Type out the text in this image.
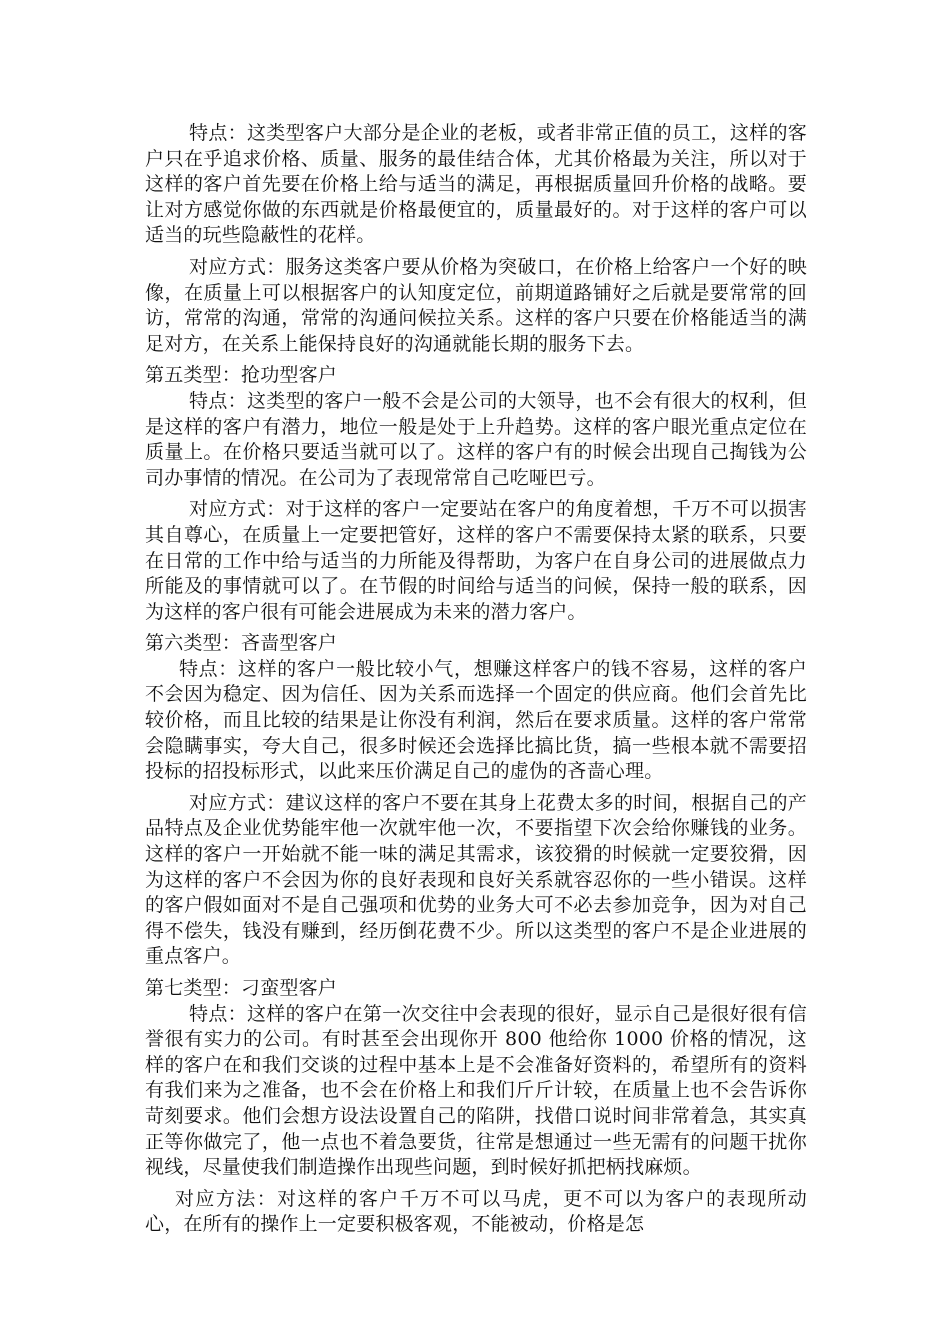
特点：这类型客户大部分是企业的老板，或者非常正值的员工，这样的客户只在乎追求价格、质量、服务的最佳结合体，尤其价格最为关注，所以对于这样的客户首先要在价格上给与适当的满足，再根据质量回升价格的战略。要让对方感觉你做的东西就是价格最便宜的，质量最好的。对于这样的客户可以适当的玩些隐蔽性的花样。

对应方式：服务这类客户要从价格为突破口，在价格上给客户一个好的映像，在质量上可以根据客户的认知度定位，前期道路铺好之后就是要常常的回访，常常的沟通，常常的沟通问候拉关系。这样的客户只要在价格能适当的满足对方，在关系上能保持良好的沟通就能长期的服务下去。

第五类型：抢功型客户

特点：这类型的客户一般不会是公司的大领导，也不会有很大的权利，但是这样的客户有潜力，地位一般是处于上升趋势。这样的客户眼光重点定位在质量上。在价格只要适当就可以了。这样的客户有的时候会出现自己掏钱为公司办事情的情况。在公司为了表现常常自己吃哑巴亏。

对应方式：对于这样的客户一定要站在客户的角度着想，千万不可以损害其自尊心，在质量上一定要把管好，这样的客户不需要保持太紧的联系，只要在日常的工作中给与适当的力所能及得帮助，为客户在自身公司的进展做点力所能及的事情就可以了。在节假的时间给与适当的问候，保持一般的联系，因为这样的客户很有可能会进展成为未来的潜力客户。

第六类型：吝啬型客户

特点：这样的客户一般比较小气，想赚这样客户的钱不容易，这样的客户不会因为稳定、因为信任、因为关系而选择一个固定的供应商。他们会首先比较价格，而且比较的结果是让你没有利润，然后在要求质量。这样的客户常常会隐瞒事实，夸大自己，很多时候还会选择比搞比货，搞一些根本就不需要招投标的招投标形式，以此来压价满足自己的虚伪的吝啬心理。

对应方式：建议这样的客户不要在其身上花费太多的时间，根据自己的产品特点及企业优势能牢他一次就牢他一次，不要指望下次会给你赚钱的业务。这样的客户一开始就不能一味的满足其需求，该狡猾的时候就一定要狡猾，因为这样的客户不会因为你的良好表现和良好关系就容忍你的一些小错误。这样的客户假如面对不是自己强项和优势的业务大可不必去参加竞争，因为对自己得不偿失，钱没有赚到，经历倒花费不少。所以这类型的客户不是企业进展的重点客户。

第七类型：刁蛮型客户

特点：这样的客户在第一次交往中会表现的很好，显示自己是很好很有信誉很有实力的公司。有时甚至会出现你开 800 他给你 1000 价格的情况，这样的客户在和我们交谈的过程中基本上是不会准备好资料的，希望所有的资料有我们来为之准备，也不会在价格上和我们斤斤计较，在质量上也不会告诉你苛刻要求。他们会想方设法设置自己的陷阱，找借口说时间非常着急，其实真正等你做完了，他一点也不着急要货，往常是想通过一些无需有的问题干扰你视线，尽量使我们制造操作出现些问题，到时候好抓把柄找麻烦。

对应方法：对这样的客户千万不可以马虎，更不可以为客户的表现所动心，在所有的操作上一定要积极客观，不能被动，价格是怎
